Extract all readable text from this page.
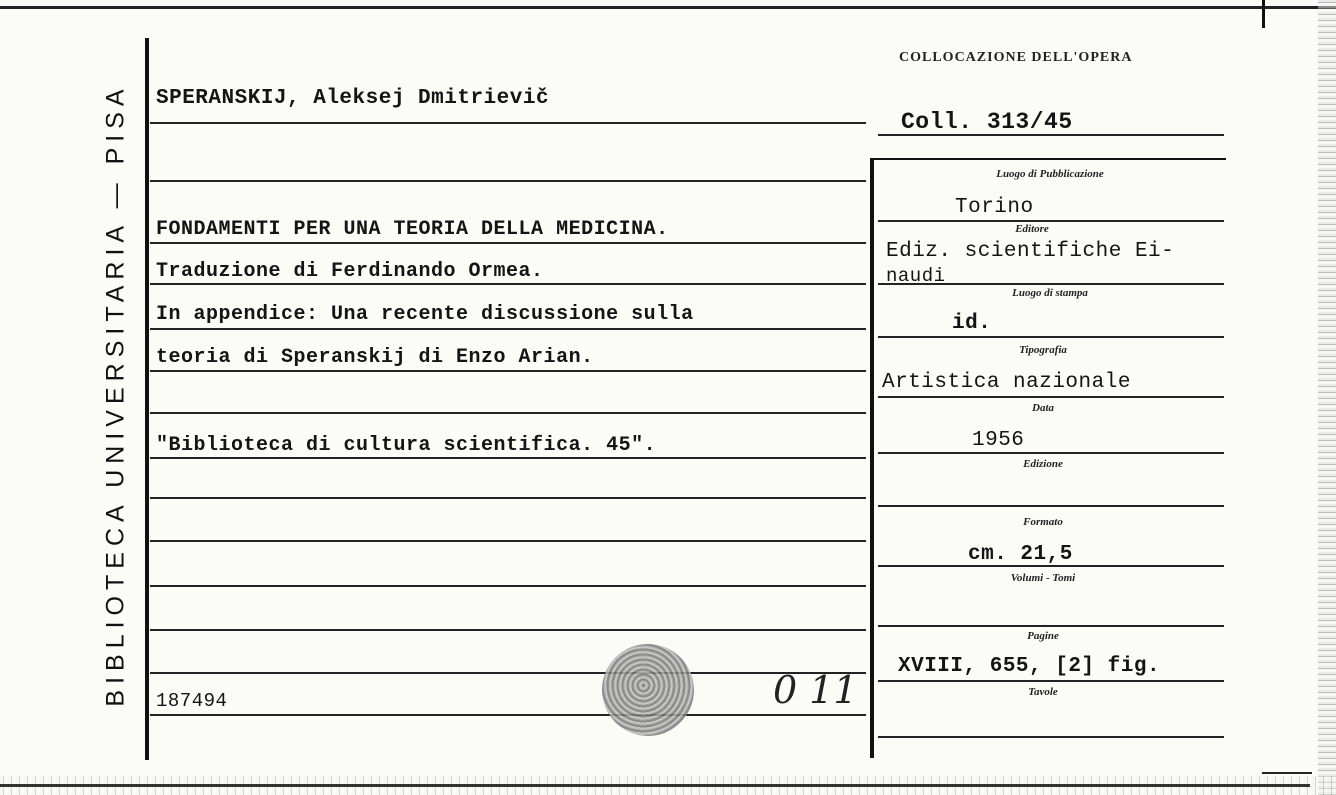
BIBLIOTECA UNIVERSITARIA — PISA
COLLOCAZIONE DELL'OPERA
SPERANSKIJ, Aleksej Dmitrievič
FONDAMENTI PER UNA TEORIA DELLA MEDICINA.
Traduzione di Ferdinando Ormea.
In appendice: Una recente discussione sulla
teoria di Speranskij di Enzo Arian.
"Biblioteca di cultura scientifica. 45".
187494	0 11
Coll. 313/45
Luogo di Pubblicazione
Torino
Editore
Ediz. scientifiche Ei-
naudi
Luogo di stampa
id.
Tipografia
Artistica nazionale
Data
1956
Edizione
Formato
cm. 21,5
Volumi - Tomi
Pagine
XVIII, 655, [2] fig.
Tavole
